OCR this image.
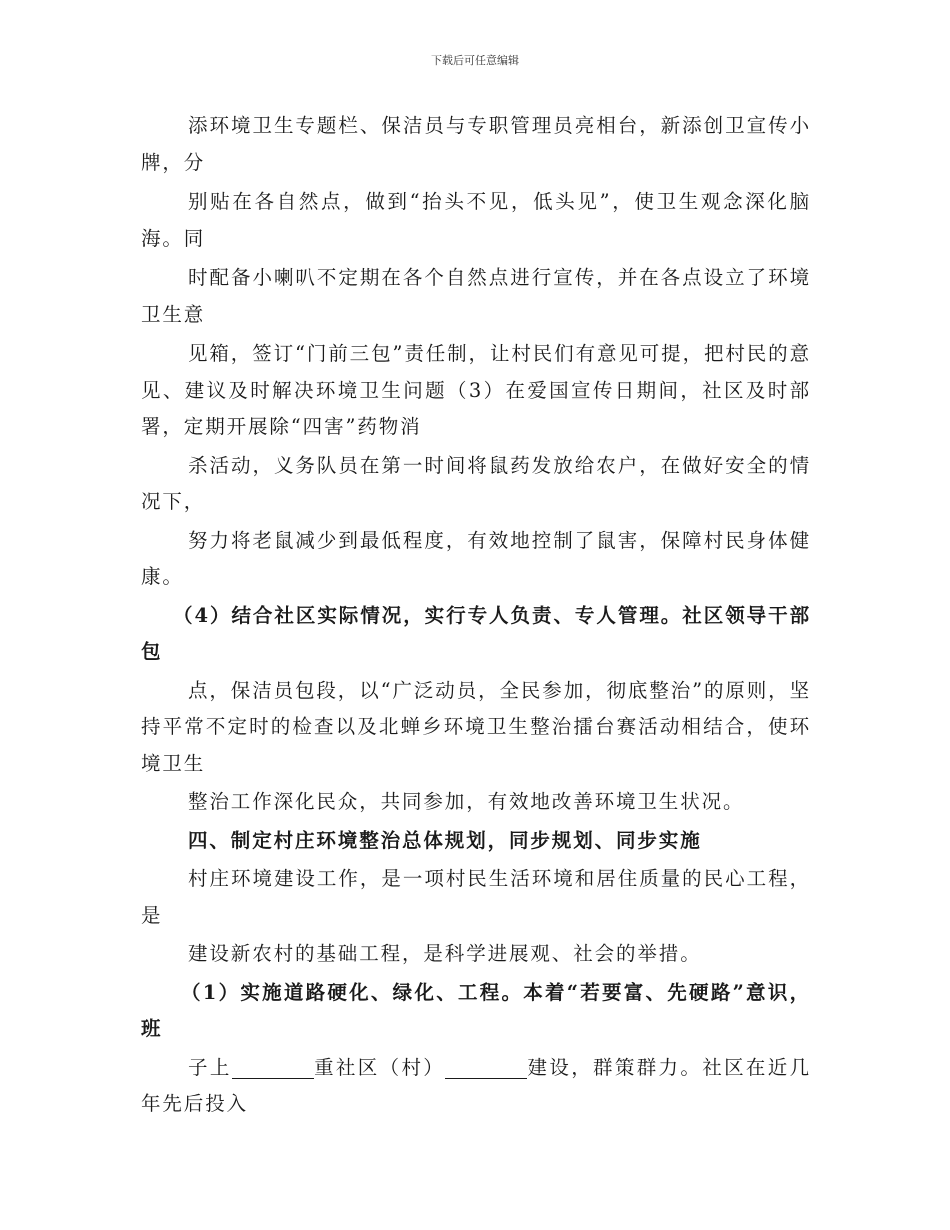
下载后可任意编辑

添环境卫生专题栏、保洁员与专职管理员亮相台，新添创卫宣传小牌，分

别贴在各自然点，做到“抬头不见，低头见”，使卫生观念深化脑海。同

时配备小喇叭不定期在各个自然点进行宣传，并在各点设立了环境卫生意

见箱，签订“门前三包”责任制，让村民们有意见可提，把村民的意见、建议及时解决环境卫生问题（3）在爱国宣传日期间，社区及时部署，定期开展除“四害”药物消

杀活动，义务队员在第一时间将鼠药发放给农户，在做好安全的情况下，

努力将老鼠减少到最低程度，有效地控制了鼠害，保障村民身体健康。

（4）结合社区实际情况，实行专人负责、专人管理。社区领导干部包

点，保洁员包段，以“广泛动员，全民参加，彻底整治”的原则，坚持平常不定时的检查以及北蝉乡环境卫生整治擂台赛活动相结合，使环境卫生

整治工作深化民众，共同参加，有效地改善环境卫生状况。

四、制定村庄环境整治总体规划，同步规划、同步实施

村庄环境建设工作，是一项村民生活环境和居住质量的民心工程，是

建设新农村的基础工程，是科学进展观、社会的举措。

（1）实施道路硬化、绿化、工程。本着“若要富、先硬路”意识，班

子上	重社区（村）	建设，群策群力。社区在近几年先后投入
